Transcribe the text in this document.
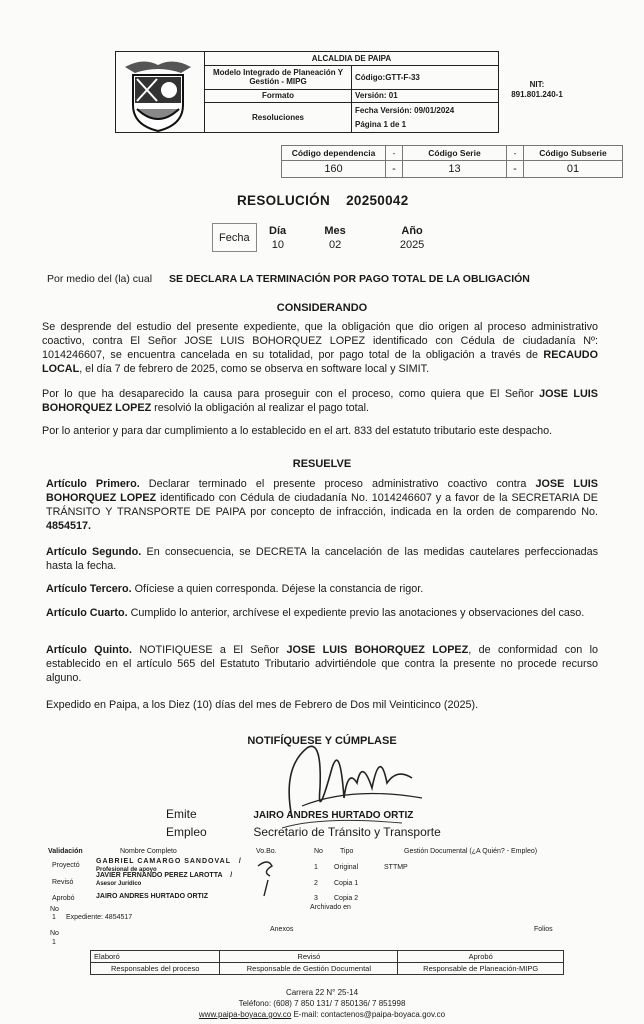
	ALCALDIA DE PAIPA	
	Modelo Integrado de Planeación Y Gestión - MIPG	Código:GTT-F-33
	Formato	Versión: 01
	Resoluciones	Fecha Versión: 09/01/2024
Página 1 de 1
NIT:
891.801.240-1
Código dependencia	-	Código Serie	-	Código Subserie
160	-	13	-	01
RESOLUCIÓN 20250042
Fecha	Día	Mes	Año
	10	02	2025
Por medio del (la) cual SE DECLARA LA TERMINACIÓN POR PAGO TOTAL DE LA OBLIGACIÓN
CONSIDERANDO
Se desprende del estudio del presente expediente, que la obligación que dio origen al proceso administrativo coactivo, contra El Señor JOSE LUIS BOHORQUEZ LOPEZ identificado con Cédula de ciudadanía Nº: 1014246607, se encuentra cancelada en su totalidad, por pago total de la obligación a través de RECAUDO LOCAL, el día 7 de febrero de 2025, como se observa en software local y SIMIT.
Por lo que ha desaparecido la causa para proseguir con el proceso, como quiera que El Señor JOSE LUIS BOHORQUEZ LOPEZ resolvió la obligación al realizar el pago total.
Por lo anterior y para dar cumplimiento a lo establecido en el art. 833 del estatuto tributario este despacho.
RESUELVE
Artículo Primero. Declarar terminado el presente proceso administrativo coactivo contra JOSE LUIS BOHORQUEZ LOPEZ identificado con Cédula de ciudadanía No. 1014246607 y a favor de la SECRETARIA DE TRÁNSITO Y TRANSPORTE DE PAIPA por concepto de infracción, indicada en la orden de comparendo No. 4854517.
Artículo Segundo. En consecuencia, se DECRETA la cancelación de las medidas cautelares perfeccionadas hasta la fecha.
Artículo Tercero. Ofíciese a quien corresponda. Déjese la constancia de rigor.
Artículo Cuarto. Cumplido lo anterior, archívese el expediente previo las anotaciones y observaciones del caso.
Artículo Quinto. NOTIFIQUESE a El Señor JOSE LUIS BOHORQUEZ LOPEZ, de conformidad con lo establecido en el artículo 565 del Estatuto Tributario advirtiéndole que contra la presente no procede recurso alguno.
Expedido en Paipa, a los Diez (10) días del mes de Febrero de Dos mil Veinticinco (2025).
NOTIFÍQUESE Y CÚMPLASE
Emite	JAIRO ANDRES HURTADO ORTIZ
Empleo	Secretario de Tránsito y Transporte
Validación	Nombre Completo	Vo.Bo.	No Tipo	Gestión Documental (¿A Quién? - Empleo)
Proyectó
GABRIEL CAMARGO SANDOVAL /
Profesional de apoyo
Revisó
JAVIER FERNANDO PEREZ LAROTTA /
Asesor Jurídico
Aprobó	JAIRO ANDRES HURTADO ORTIZ
1 Original	STTMP
2 Copia 1
3 Copia 2
Archivado en
No
1 Expediente: 4854517
No
1
Anexos	Folios
Elaboró	Revisó	Aprobó
Responsables del proceso	Responsable de Gestión Documental	Responsable de Planeación-MIPG
Carrera 22 N° 25-14
Teléfono: (608) 7 850 131/ 7 850136/ 7 851998
www.paipa-boyaca.gov.co E-mail: contactenos@paipa-boyaca.gov.co
